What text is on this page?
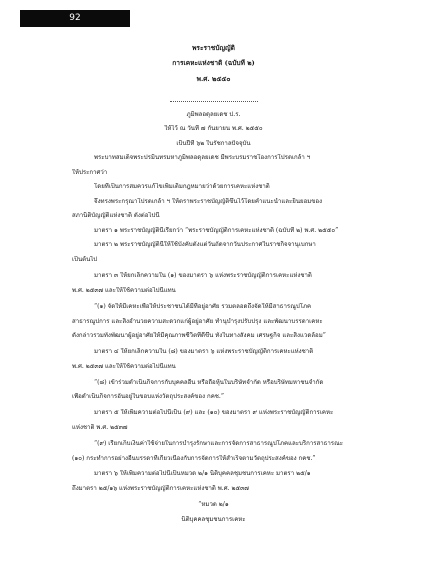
92
พระราชบัญญัติ
การเคหะแห่งชาติ (ฉบับที่ ๒)
พ.ศ. ๒๕๕๐
ภูมิพลอดุลยเดช ป.ร.
ให้ไว้ ณ วันที่ ๗ กันยายน พ.ศ. ๒๕๕๐
เป็นปีที่ ๖๒ ในรัชกาลปัจจุบัน
พระบาทสมเด็จพระปรมินทรมหาภูมิพลอดุลยเดช มีพระบรมราชโองการโปรดเกล้า ฯ
ให้ประกาศว่า
โดยที่เป็นการสมควรแก้ไขเพิ่มเติมกฎหมายว่าด้วยการเคหะแห่งชาติ
จึงทรงพระกรุณาโปรดเกล้า ฯ ให้ตราพระราชบัญญัติขึ้นไว้โดยคำแนะนำและยินยอมของ
สภานิติบัญญัติแห่งชาติ ดังต่อไปนี้
มาตรา ๑ พระราชบัญญัตินี้เรียกว่า “พระราชบัญญัติการเคหะแห่งชาติ (ฉบับที่ ๒) พ.ศ. ๒๕๕๐”
มาตรา ๒ พระราชบัญญัตินี้ให้ใช้บังคับตั้งแต่วันถัดจากวันประกาศในราชกิจจานุเบกษา
เป็นต้นไป
มาตรา ๓ ให้ยกเลิกความใน (๑) ของมาตรา ๖ แห่งพระราชบัญญัติการเคหะแห่งชาติ
พ.ศ. ๒๕๓๗ และให้ใช้ความต่อไปนี้แทน
“(๑) จัดให้มีเคหะเพื่อให้ประชาชนได้มีที่อยู่อาศัย รวมตลอดถึงจัดให้มีสาธารณูปโภค
สาธารณูปการ และสิ่งอำนวยความสะดวกแก่ผู้อยู่อาศัย ทำนุบำรุงปรับปรุง และพัฒนาบรรดาเคหะ
ดังกล่าวรวมทั้งพัฒนาผู้อยู่อาศัยให้มีคุณภาพชีวิตที่ดีขึ้น ทั้งในทางสังคม เศรษฐกิจ และสิ่งแวดล้อม”
มาตรา ๔ ให้ยกเลิกความใน (๘) ของมาตรา ๖ แห่งพระราชบัญญัติการเคหะแห่งชาติ
พ.ศ. ๒๕๓๗ และให้ใช้ความต่อไปนี้แทน
“(๘) เข้าร่วมดำเนินกิจการกับบุคคลอื่น หรือถือหุ้นในบริษัทจำกัด หรือบริษัทมหาชนจำกัด
เพื่อดำเนินกิจการอันอยู่ในขอบแห่งวัตถุประสงค์ของ กคช.”
มาตรา ๕ ให้เพิ่มความต่อไปนี้เป็น (๙) และ (๑๐) ของมาตรา ๙ แห่งพระราชบัญญัติการเคหะ
แห่งชาติ พ.ศ. ๒๕๓๗
“(๙) เรียกเก็บเงินค่าใช้จ่ายในการบำรุงรักษาและการจัดการสาธารณูปโภคและบริการสาธารณะ
(๑๐) กระทำการอย่างอื่นบรรดาที่เกี่ยวเนื่องกับการจัดการให้สำเร็จตามวัตถุประสงค์ของ กคช.”
มาตรา ๖ ให้เพิ่มความต่อไปนี้เป็นหมวด ๒/๑ นิติบุคคลชุมชนการเคหะ มาตรา ๒๕/๑
ถึงมาตรา ๒๕/๑๖ แห่งพระราชบัญญัติการเคหะแห่งชาติ พ.ศ. ๒๕๓๗
“หมวด ๒/๑
นิติบุคคลชุมชนการเคหะ
